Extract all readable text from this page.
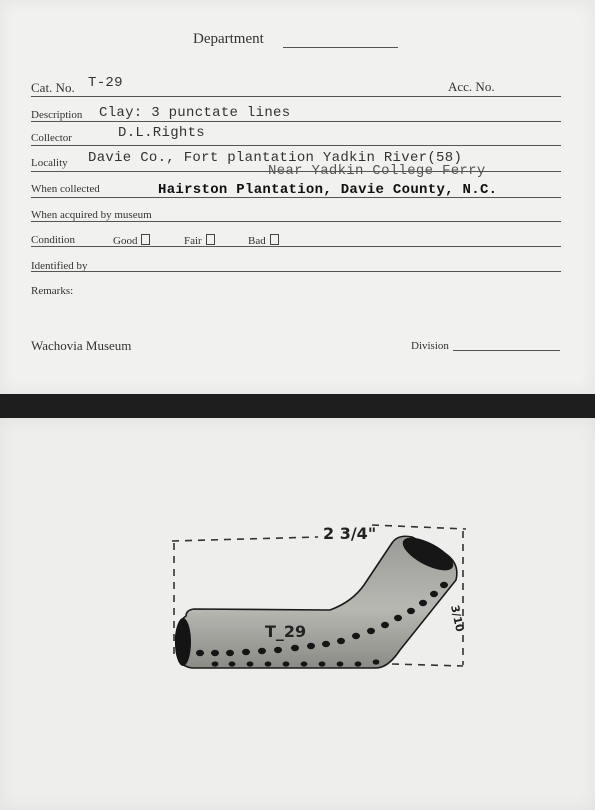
Department
Cat. No. T-29	Acc. No.
Description Clay: 3 punctate lines
Collector	D.L.Rights
Locality Davie Co., Fort plantation Yadkin River(58)
Near Yadkin College Ferry
When collected	Hairston Plantation, Davie County, N.C.
When acquired by museum
Condition	Good	Fair	Bad
Identified by
Remarks:
Wachovia Museum	Division
T_29
2 3/4"
3/10
